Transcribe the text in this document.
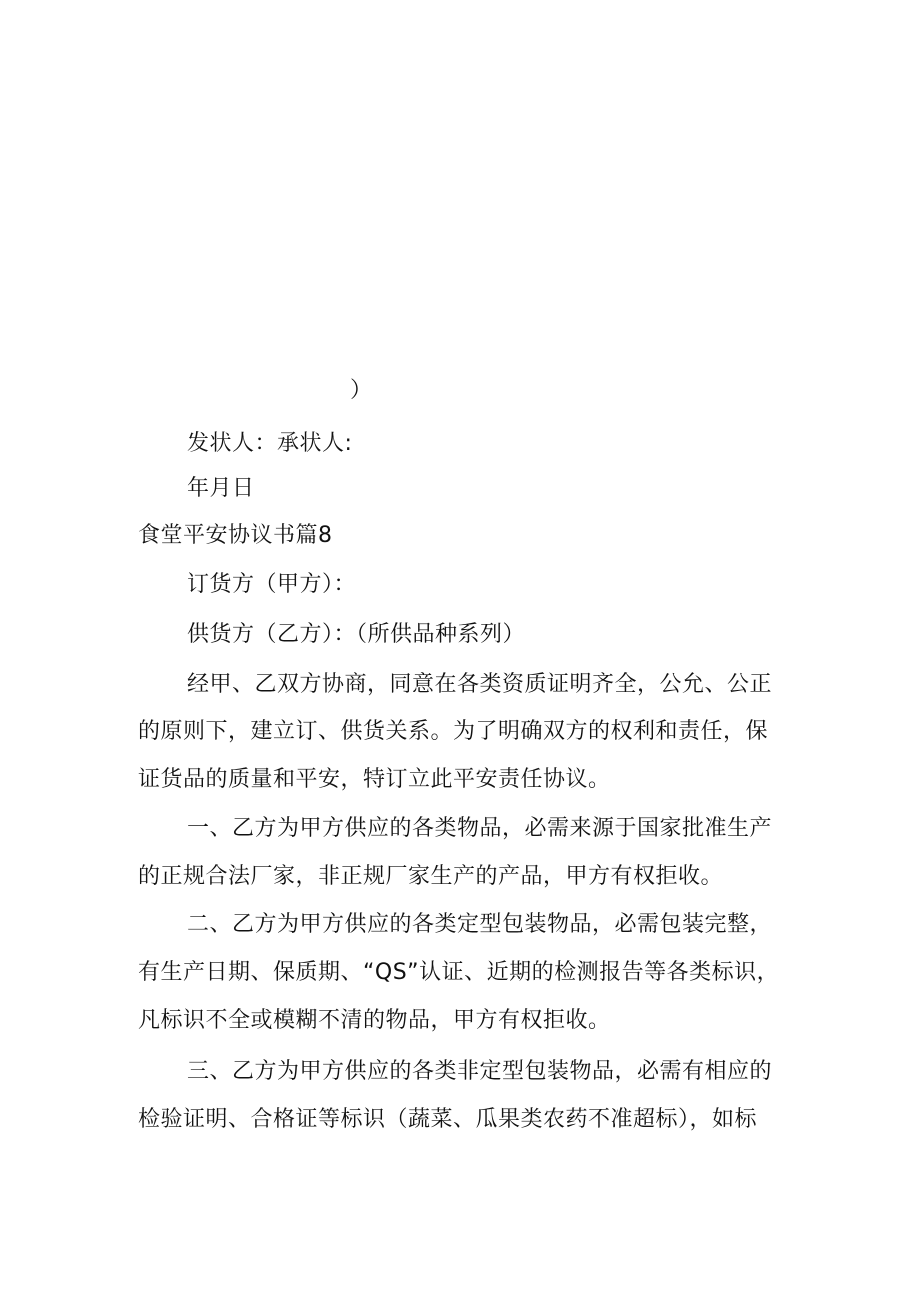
）
发状人：承状人:
年月日
食堂平安协议书篇8
订货方（甲方）：
供货方（乙方）：（所供品种系列）
经甲、乙双方协商，同意在各类资质证明齐全，公允、公正
的原则下，建立订、供货关系。为了明确双方的权利和责任，保
证货品的质量和平安，特订立此平安责任协议。
一、乙方为甲方供应的各类物品，必需来源于国家批准生产
的正规合法厂家，非正规厂家生产的产品，甲方有权拒收。
二、乙方为甲方供应的各类定型包装物品，必需包装完整，
有生产日期、保质期、“QS”认证、近期的检测报告等各类标识，
凡标识不全或模糊不清的物品，甲方有权拒收。
三、乙方为甲方供应的各类非定型包装物品，必需有相应的
检验证明、合格证等标识（蔬菜、瓜果类农药不准超标），如标
